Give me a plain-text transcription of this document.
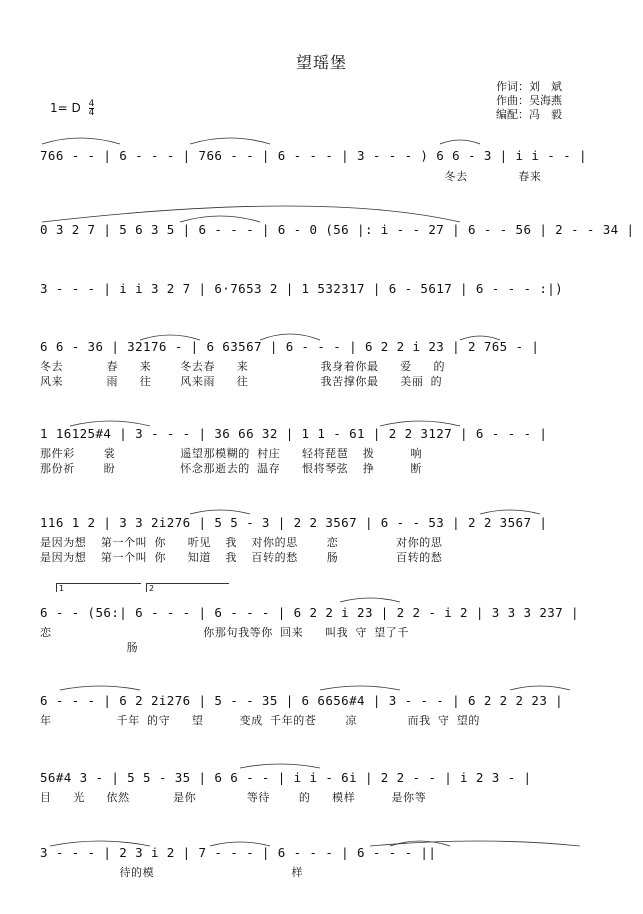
望瑶堡
作词：刘　斌
作曲：吴海燕
编配：冯　毅
1= D $\frac{4}{4}$
766 - - | 6 - - - | 766 - - | 6 - - - | 3 - - - ) 6 6 - 3 | i i - - |
冬去       春来
0 3 2 7 | 5 6 3 5 | 6 - - - | 6 - 0 (56 |: i - - 27 | 6 - - 56 | 2 - - 34 |
3 - - - | i i 3 2 7 | 6·7653 2 | 1 532317 | 6 - 5617 | 6 - - - :|)
6 6 - 36 | 32176 - | 6 63567 | 6 - - - | 6 2 2 i 23 | 2 765 - |
冬去      春   来    冬去春   来          我身着你最   爱   的
风来      雨   往    风来雨   往          我苦撑你最   美丽 的
1 16125#4 | 3 - - - | 36 66 32 | 1 1 - 61 | 2 2 3127 | 6 - - - |
那件彩    裳         遥望那模糊的 村庄   轻将琵琶  拨     响
那份祈    盼         怀念那逝去的 温存   恨将琴弦  挣     断
116 1 2 | 3 3 2i276 | 5 5 - 3 | 2 2 3567 | 6 - - 53 | 2 2 3567 |
是因为想  第一个叫 你   听见  我  对你的思    恋        对你的思
是因为想  第一个叫 你   知道  我  百转的愁    肠        百转的愁
1	2
6 - - (56:| 6 - - - | 6 - - - | 6 2 2 i 23 | 2 2 - i 2 | 3 3 3 237 |
恋                     你那句我等你 回来   叫我 守 望了千
肠
6 - - - | 6 2 2i276 | 5 - - 35 | 6 6656#4 | 3 - - - | 6 2 2 2 23 |
年         千年 的守   望     变成 千年的苍    凉       而我 守 望的
56#4 3 - | 5 5 - 35 | 6 6 - - | i i - 6i | 2 2 - - | i 2 3 - |
目   光   依然      是你       等待    的   模样     是你等
3 - - - | 2 3 i 2 | 7 - - - | 6 - - - | 6 - - - ||
待的模                   样
